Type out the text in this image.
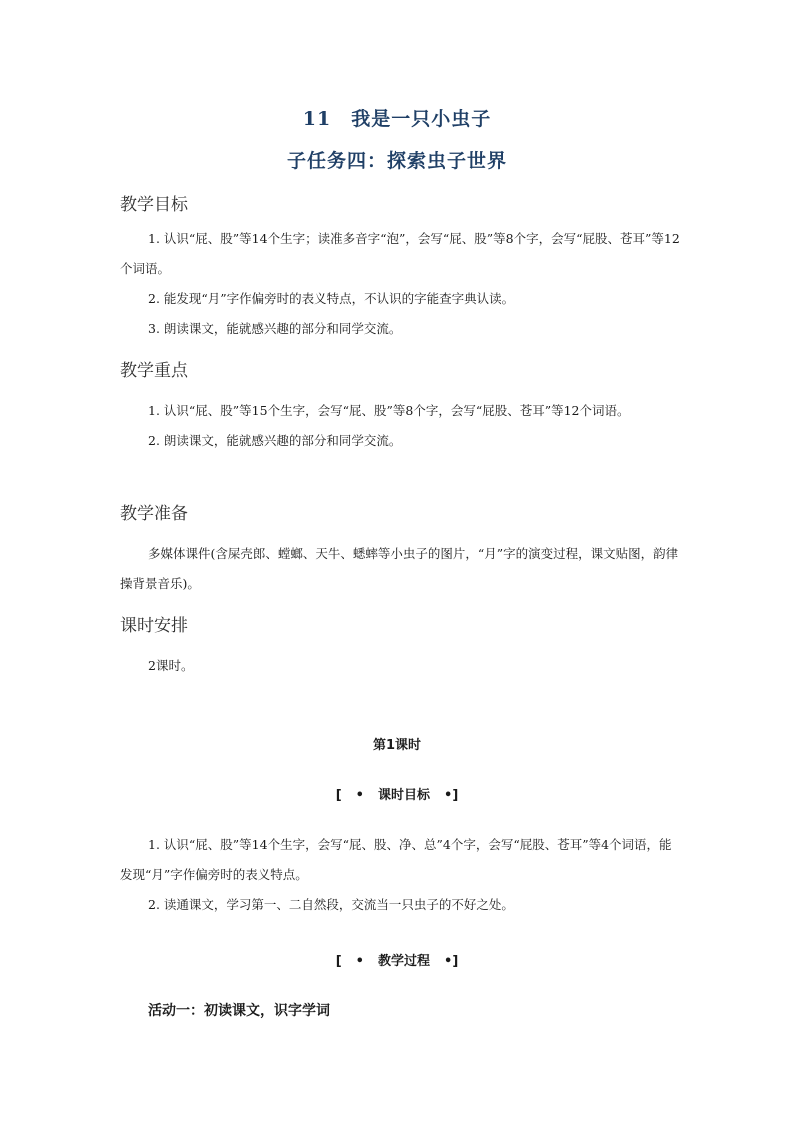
11　我是一只小虫子
子任务四：探索虫子世界
教学目标

1. 认识“屁、股”等14个生字；读准多音字“泡”，会写“屁、股”等8个字，会写“屁股、苍耳”等12个词语。

2. 能发现“月”字作偏旁时的表义特点，不认识的字能查字典认读。

3. 朗读课文，能就感兴趣的部分和同学交流。

教学重点

1. 认识“屁、股”等15个生字，会写“屁、股”等8个字，会写“屁股、苍耳”等12个词语。

2. 朗读课文，能就感兴趣的部分和同学交流。

教学准备

多媒体课件(含屎壳郎、螳螂、天牛、蟋蟀等小虫子的图片，“月”字的演变过程，课文贴图，韵律操背景音乐)。

课时安排

2课时。

第1课时
[ • 课时目标 •]

1. 认识“屁、股”等14个生字，会写“屁、股、净、总”4个字，会写“屁股、苍耳”等4个词语，能发现“月”字作偏旁时的表义特点。

2. 读通课文，学习第一、二自然段，交流当一只虫子的不好之处。

[ • 教学过程 •]
活动一：初读课文，识字学词
